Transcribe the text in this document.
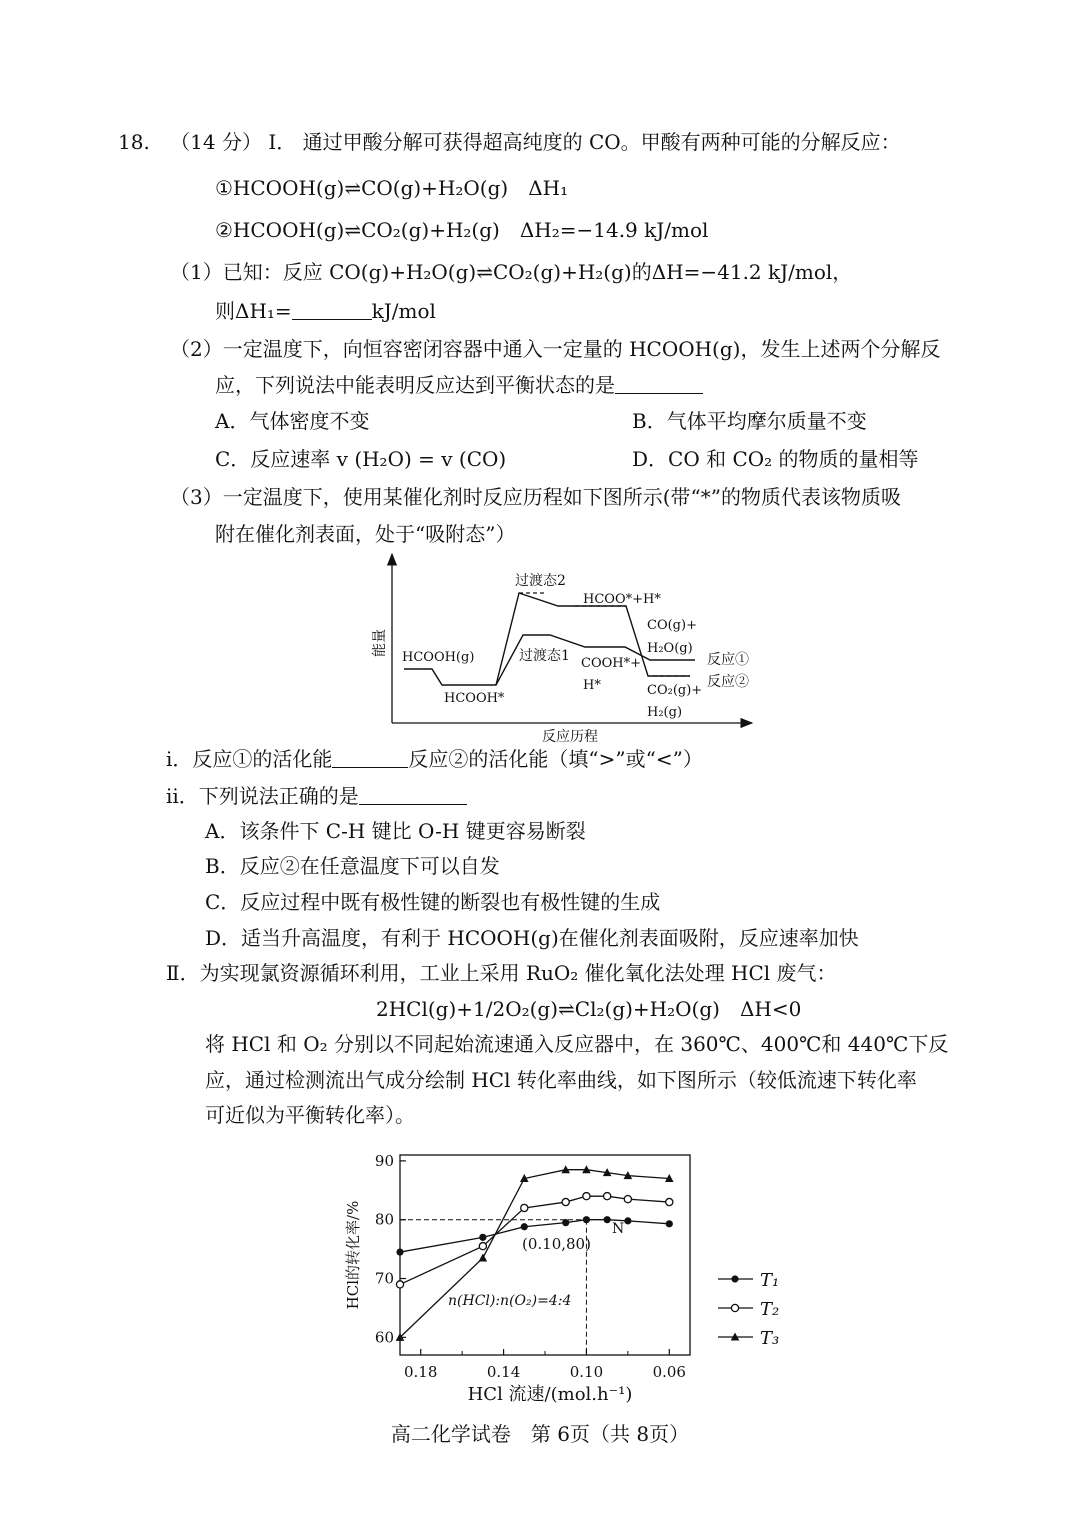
18. （14 分） Ⅰ． 通过甲酸分解可获得超高纯度的 CO。甲酸有两种可能的分解反应：
①HCOOH(g)⇌CO(g)+H₂O(g)　ΔH₁
②HCOOH(g)⇌CO₂(g)+H₂(g)　ΔH₂=−14.9 kJ/mol
（1）已知：反应 CO(g)+H₂O(g)⇌CO₂(g)+H₂(g)的ΔH=−41.2 kJ/mol，
则ΔH₁=	kJ/mol
（2）一定温度下，向恒容密闭容器中通入一定量的 HCOOH(g)，发生上述两个分解反
应，下列说法中能表明反应达到平衡状态的是
A．气体密度不变	B．气体平均摩尔质量不变
C．反应速率 v (H₂O) = v (CO)	D．CO 和 CO₂ 的物质的量相等
（3）一定温度下，使用某催化剂时反应历程如下图所示(带“*”的物质代表该物质吸
附在催化剂表面，处于“吸附态”）
能量
反应历程
HCOOH(g)
HCOOH*
过渡态1
过渡态2
HCOO*+H*
COOH*+
H*
CO(g)+
H₂O(g)
CO₂(g)+
H₂(g)
反应①
反应②
ⅰ．反应①的活化能	反应②的活化能（填“>”或“<”）
ⅱ．下列说法正确的是
A．该条件下 C-H 键比 O-H 键更容易断裂
B．反应②在任意温度下可以自发
C．反应过程中既有极性键的断裂也有极性键的生成
D．适当升高温度，有利于 HCOOH(g)在催化剂表面吸附，反应速率加快
Ⅱ．为实现氯资源循环利用，工业上采用 RuO₂ 催化氧化法处理 HCl 废气：
2HCl(g)+1/2O₂(g)⇌Cl₂(g)+H₂O(g)　ΔH<0
将 HCl 和 O₂ 分别以不同起始流速通入反应器中，在 360℃、400℃和 440℃下反
应，通过检测流出气成分绘制 HCl 转化率曲线，如下图所示（较低流速下转化率
可近似为平衡转化率）。
HCl的转化率/%
HCl 流速/(mol.h⁻¹)
60
70
80
90
0.18	0.14	0.10	0.06
n(HCl):n(O₂)=4:4
N
(0.10,80)
T₁
T₂
T₃
高二化学试卷　第 6页（共 8页）
